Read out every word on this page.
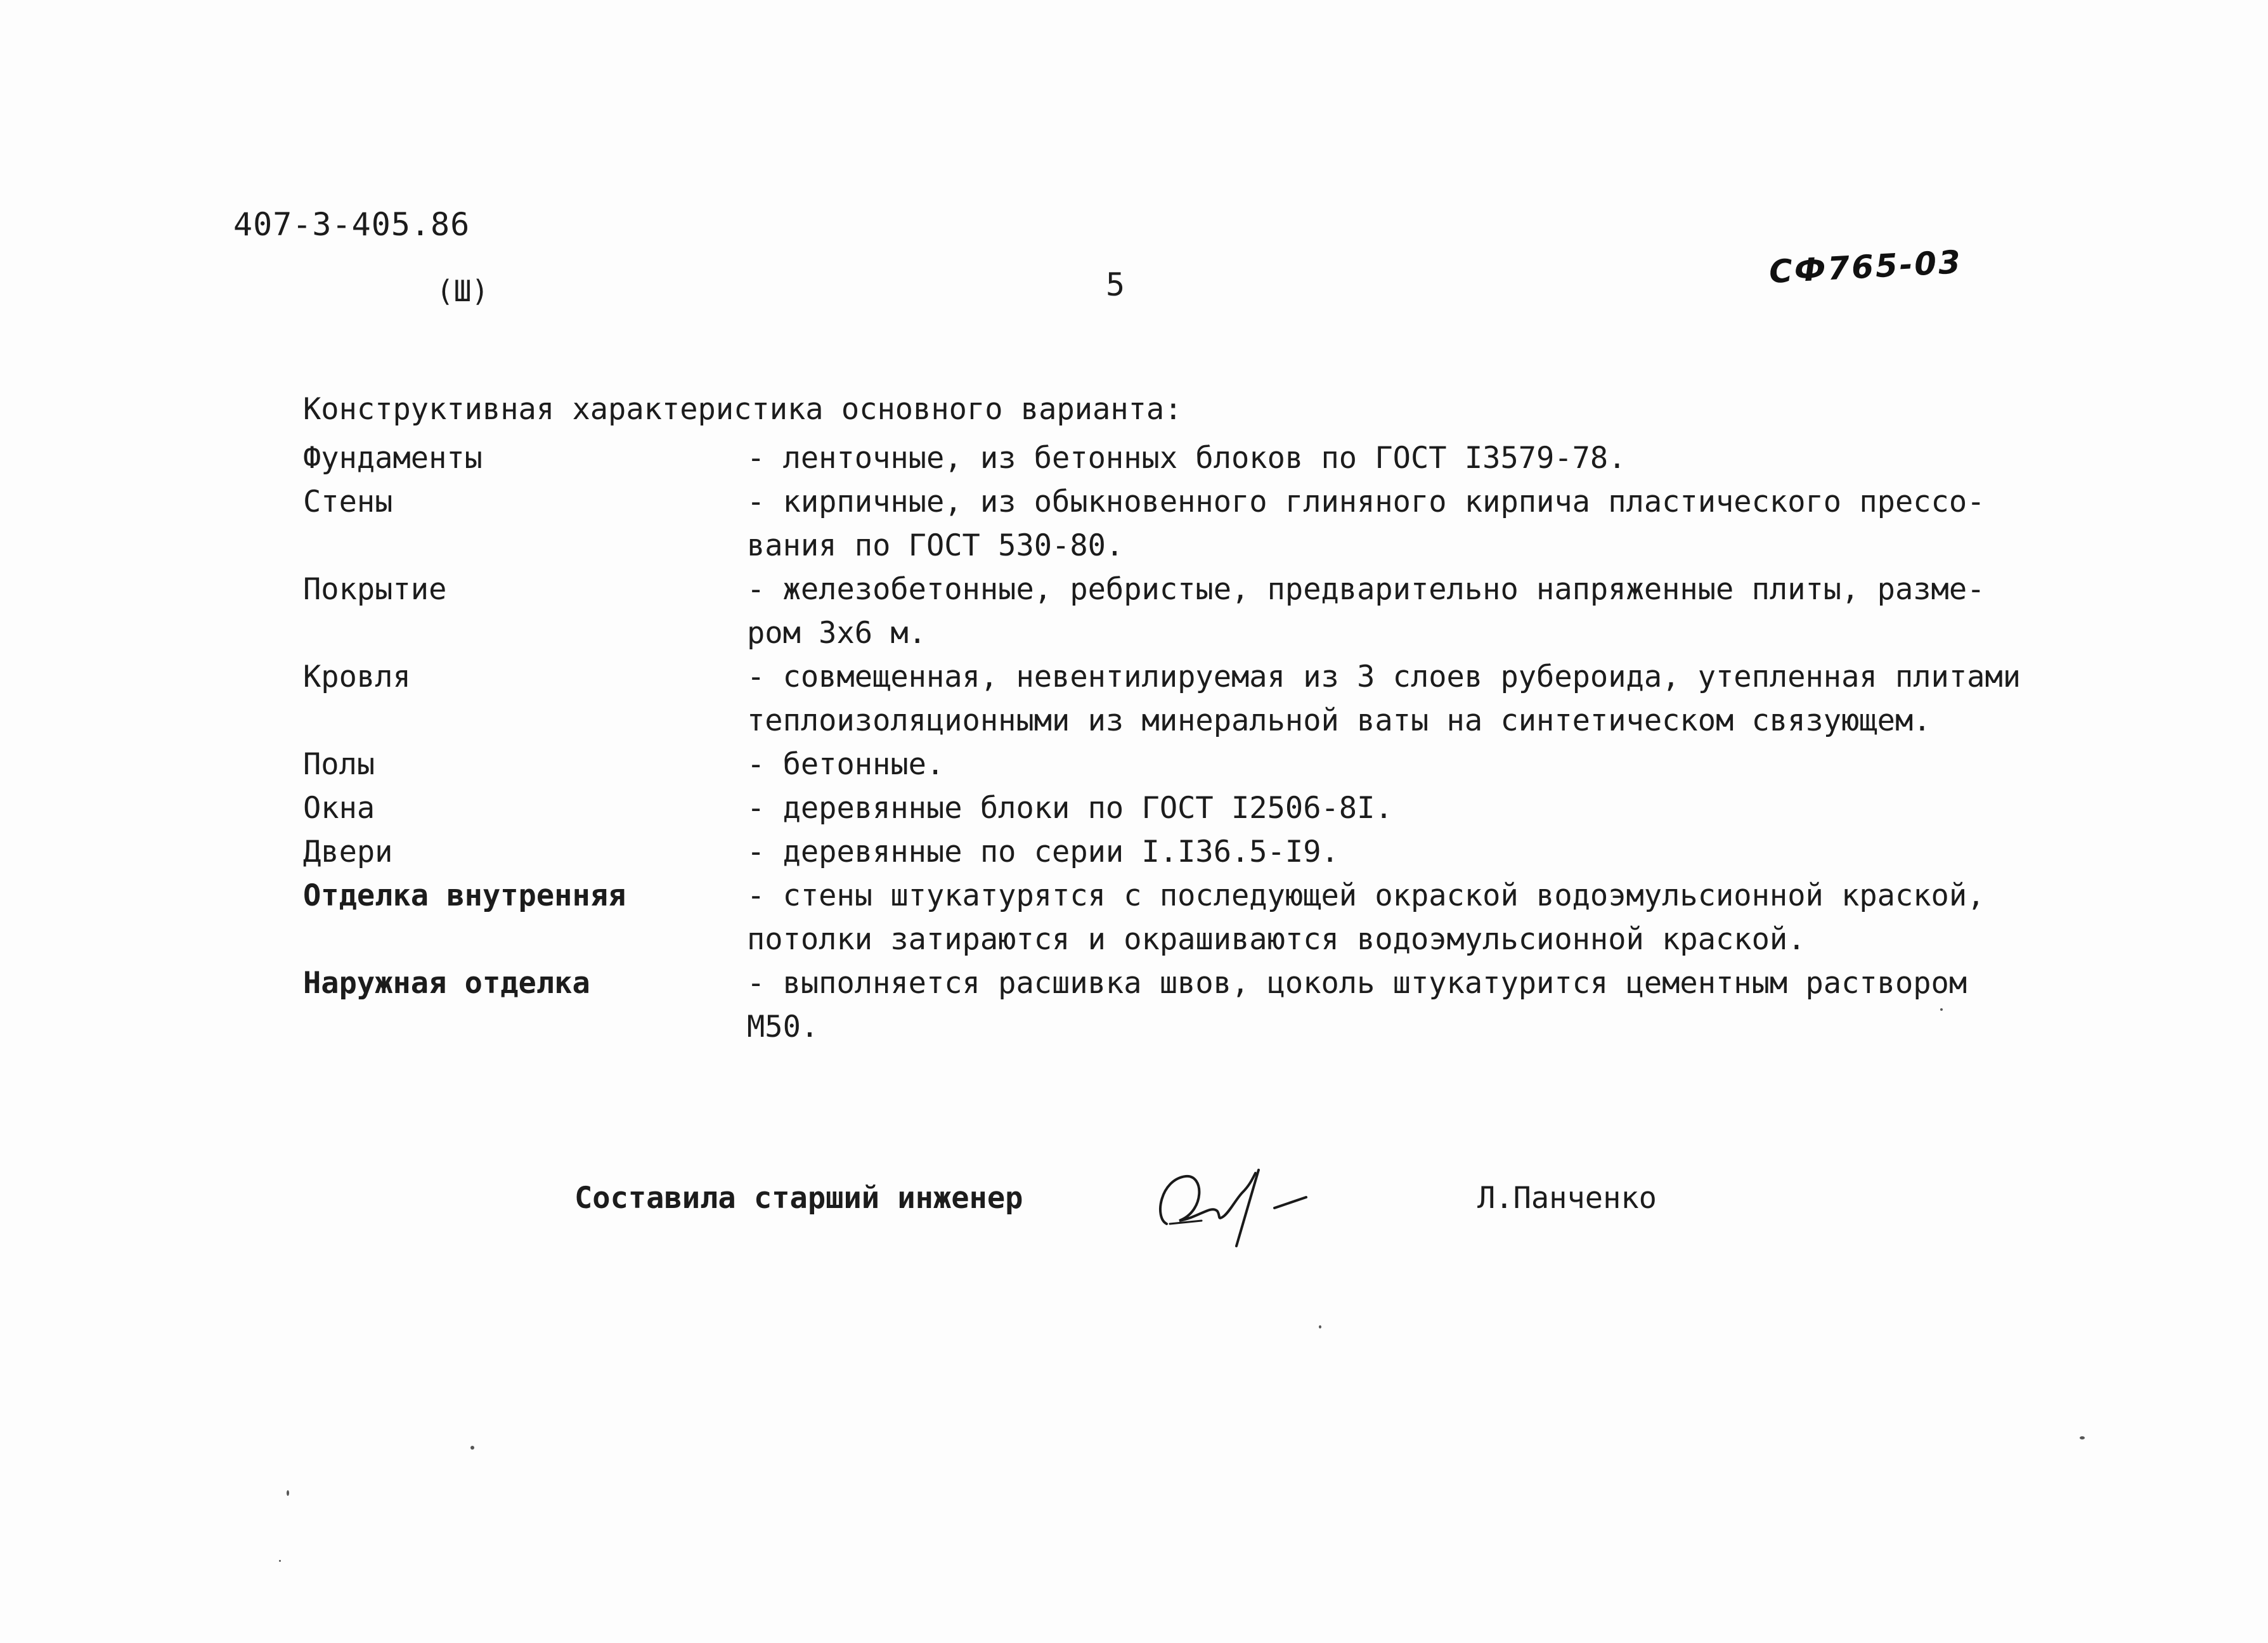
407-3-405.86
(Ш)	5	СФ765-03
Конструктивная характеристика основного варианта:
Фундаменты	- ленточные, из бетонных блоков по ГОСТ I3579-78.
Стены	- кирпичные, из обыкновенного глиняного кирпича пластического прессо-
вания по ГОСТ 530-80.
Покрытие	- железобетонные, ребристые, предварительно напряженные плиты, разме-
ром 3х6 м.
Кровля	- совмещенная, невентилируемая из 3 слоев рубероида, утепленная плитами
теплоизоляционными из минеральной ваты на синтетическом связующем.
Полы	- бетонные.
Окна	- деревянные блоки по ГОСТ I2506-8I.
Двери	- деревянные по серии I.I36.5-I9.
Отделка внутренняя	- стены штукатурятся с последующей окраской водоэмульсионной краской,
потолки затираются и окрашиваются водоэмульсионной краской.
Наружная отделка	- выполняется расшивка швов, цоколь штукатурится цементным раствором
М50.
Составила старший инженер	Л.Панченко
